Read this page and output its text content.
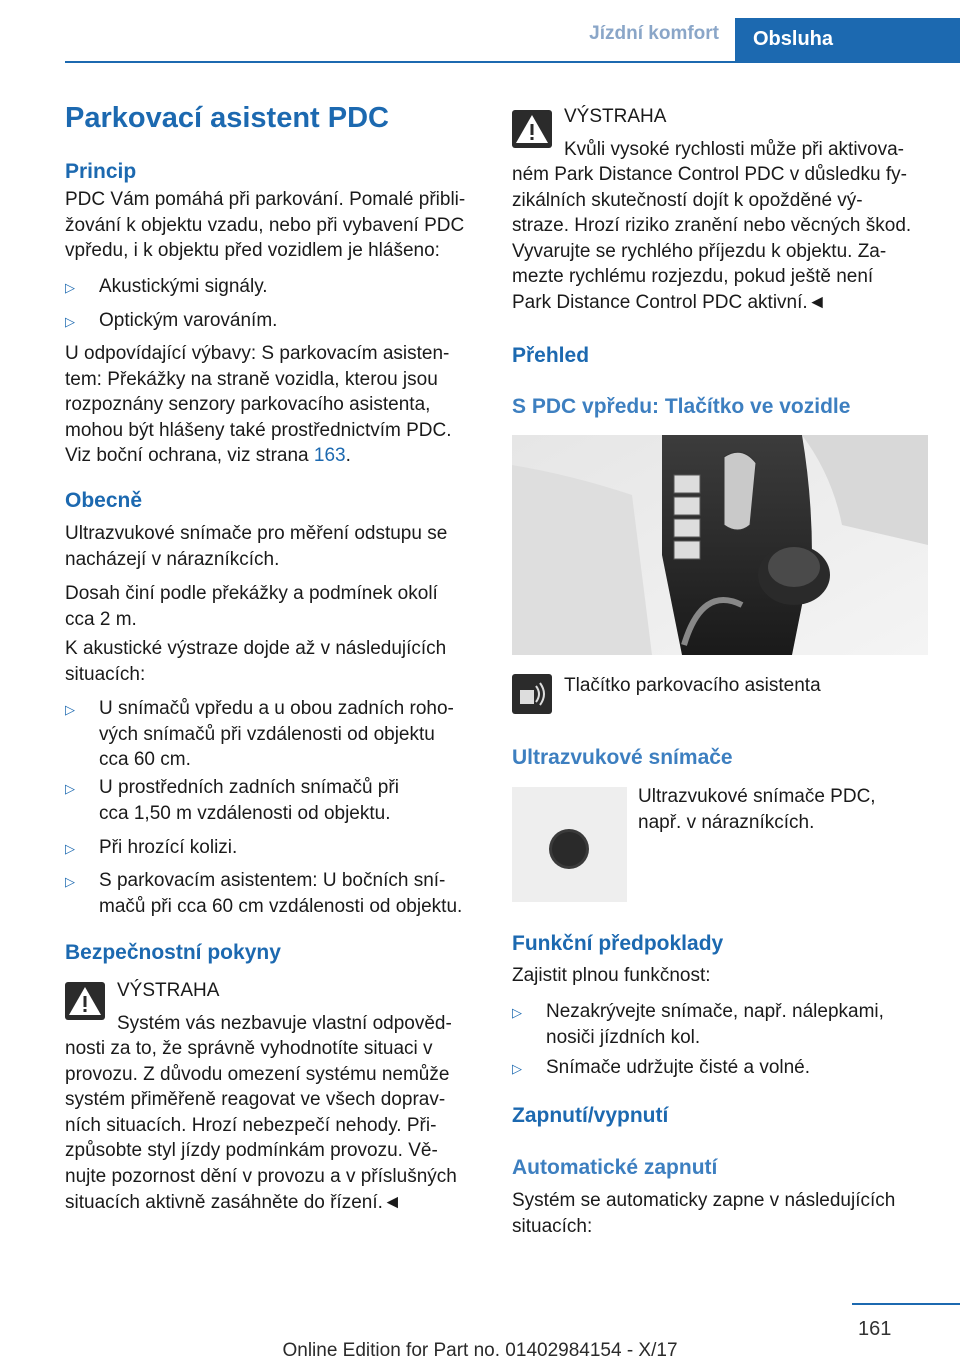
Jízdní komfort	Obsluha
Parkovací asistent PDC
Princip
PDC Vám pomáhá při parkování. Pomalé přibli‐
žování k objektu vzadu, nebo při vybavení PDC
vpředu, i k objektu před vozidlem je hlášeno:
▷ Akustickými signály.
▷ Optickým varováním.
U odpovídající výbavy: S parkovacím asisten‐
tem: Překážky na straně vozidla, kterou jsou
rozpoznány senzory parkovacího asistenta,
mohou být hlášeny také prostřednictvím PDC.
Viz boční ochrana, viz strana 163.
Obecně
Ultrazvukové snímače pro měření odstupu se
nacházejí v nárazníkcích.
Dosah činí podle překážky a podmínek okolí
cca 2 m.
K akustické výstraze dojde až v následujících
situacích:
▷ U snímačů vpředu a u obou zadních roho‐
vých snímačů při vzdálenosti od objektu
cca 60 cm.
▷ U prostředních zadních snímačů při
cca 1,50 m vzdálenosti od objektu.
▷ Při hrozící kolizi.
▷ S parkovacím asistentem: U bočních sní‐
mačů při cca 60 cm vzdálenosti od objektu.
Bezpečnostní pokyny
VÝSTRAHA
Systém vás nezbavuje vlastní odpověd‐
nosti za to, že správně vyhodnotíte situaci v
provozu. Z důvodu omezení systému nemůže
systém přiměřeně reagovat ve všech doprav‐
ních situacích. Hrozí nebezpečí nehody. Při‐
způsobte styl jízdy podmínkám provozu. Vě‐
nujte pozornost dění v provozu a v příslušných
situacích aktivně zasáhněte do řízení.◄
VÝSTRAHA
Kvůli vysoké rychlosti může při aktivova‐
ném Park Distance Control PDC v důsledku fy‐
zikálních skutečností dojít k opožděné vý‐
straze. Hrozí riziko zranění nebo věcných škod.
Vyvarujte se rychlého příjezdu k objektu. Za‐
mezte rychlému rozjezdu, pokud ještě není
Park Distance Control PDC aktivní.◄
Přehled
S PDC vpředu: Tlačítko ve vozidle
Tlačítko parkovacího asistenta
Ultrazvukové snímače
Ultrazvukové snímače PDC,
např. v nárazníkcích.
Funkční předpoklady
Zajistit plnou funkčnost:
▷ Nezakrývejte snímače, např. nálepkami,
nosiči jízdních kol.
▷ Snímače udržujte čisté a volné.
Zapnutí/vypnutí
Automatické zapnutí
Systém se automaticky zapne v následujících
situacích:
161
Online Edition for Part no. 01402984154 - X/17
